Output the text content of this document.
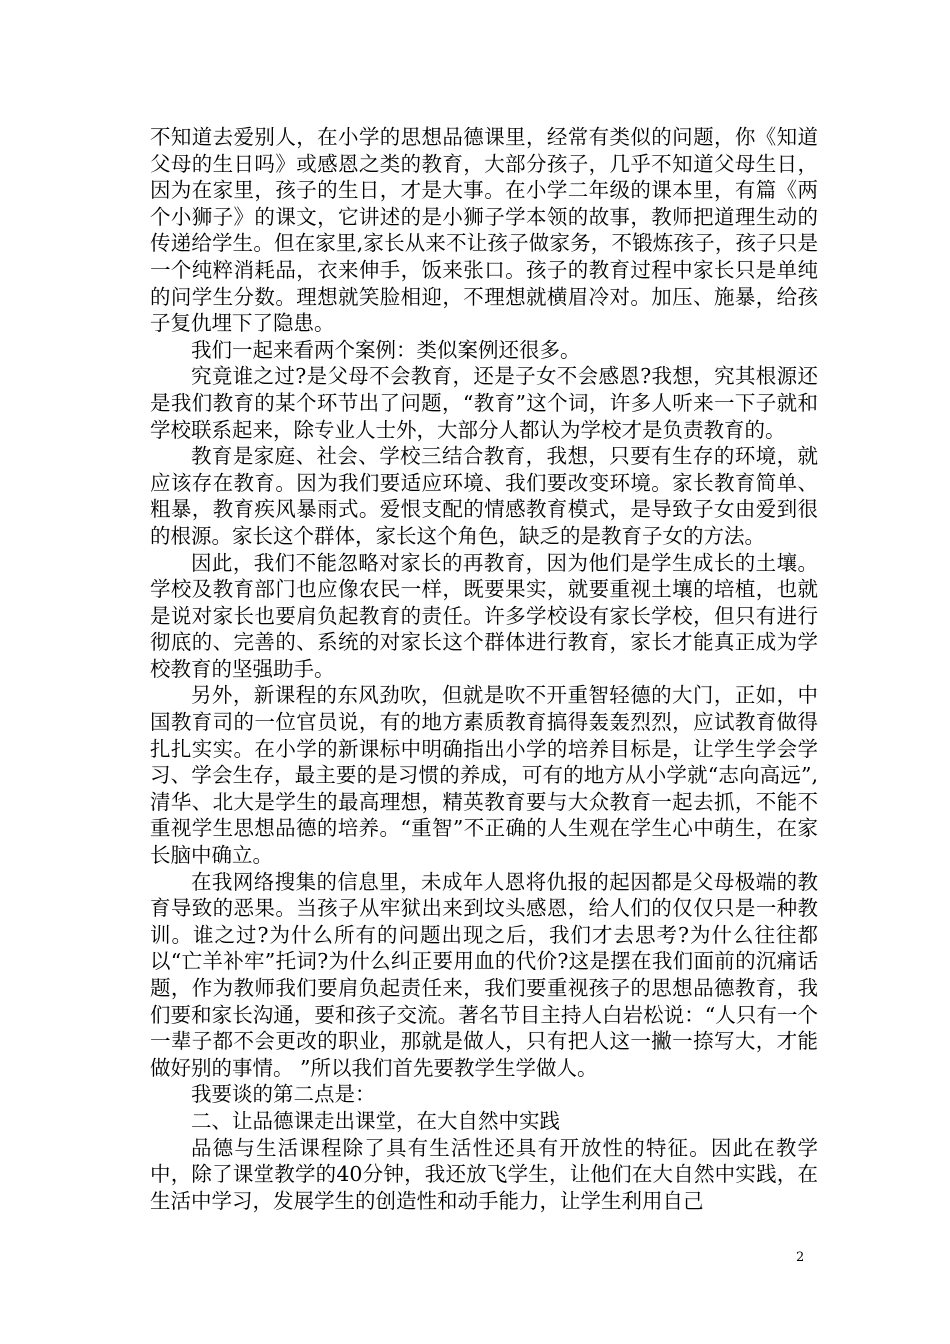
不知道去爱别人，在小学的思想品德课里，经常有类似的问题，你《知道父母的生日吗》或感恩之类的教育，大部分孩子，几乎不知道父母生日，因为在家里，孩子的生日，才是大事。在小学二年级的课本里，有篇《两个小狮子》的课文，它讲述的是小狮子学本领的故事，教师把道理生动的传递给学生。但在家里,家长从来不让孩子做家务，不锻炼孩子，孩子只是一个纯粹消耗品，衣来伸手，饭来张口。孩子的教育过程中家长只是单纯的问学生分数。理想就笑脸相迎，不理想就横眉冷对。加压、施暴，给孩子复仇埋下了隐患。

我们一起来看两个案例：类似案例还很多。

究竟谁之过?是父母不会教育，还是子女不会感恩?我想，究其根源还是我们教育的某个环节出了问题，“教育”这个词，许多人听来一下子就和学校联系起来，除专业人士外，大部分人都认为学校才是负责教育的。

教育是家庭、社会、学校三结合教育，我想，只要有生存的环境，就应该存在教育。因为我们要适应环境、我们要改变环境。家长教育简单、粗暴，教育疾风暴雨式。爱恨支配的情感教育模式，是导致子女由爱到很的根源。家长这个群体，家长这个角色，缺乏的是教育子女的方法。

因此，我们不能忽略对家长的再教育，因为他们是学生成长的土壤。学校及教育部门也应像农民一样，既要果实，就要重视土壤的培植，也就是说对家长也要肩负起教育的责任。许多学校设有家长学校，但只有进行彻底的、完善的、系统的对家长这个群体进行教育，家长才能真正成为学校教育的坚强助手。

另外，新课程的东风劲吹，但就是吹不开重智轻德的大门，正如，中国教育司的一位官员说，有的地方素质教育搞得轰轰烈烈，应试教育做得扎扎实实。在小学的新课标中明确指出小学的培养目标是，让学生学会学习、学会生存，最主要的是习惯的养成，可有的地方从小学就“志向高远”,清华、北大是学生的最高理想，精英教育要与大众教育一起去抓，不能不重视学生思想品德的培养。“重智”不正确的人生观在学生心中萌生，在家长脑中确立。

在我网络搜集的信息里，未成年人恩将仇报的起因都是父母极端的教育导致的恶果。当孩子从牢狱出来到坟头感恩，给人们的仅仅只是一种教训。谁之过?为什么所有的问题出现之后，我们才去思考?为什么往往都以“亡羊补牢”托词?为什么纠正要用血的代价?这是摆在我们面前的沉痛话题，作为教师我们要肩负起责任来，我们要重视孩子的思想品德教育，我们要和家长沟通，要和孩子交流。著名节目主持人白岩松说：“人只有一个一辈子都不会更改的职业，那就是做人，只有把人这一撇一捺写大，才能做好别的事情。 ”所以我们首先要教学生学做人。

我要谈的第二点是：

二、让品德课走出课堂，在大自然中实践

品德与生活课程除了具有生活性还具有开放性的特征。因此在教学中，除了课堂教学的40分钟，我还放飞学生，让他们在大自然中实践，在生活中学习，发展学生的创造性和动手能力，让学生利用自己

2
